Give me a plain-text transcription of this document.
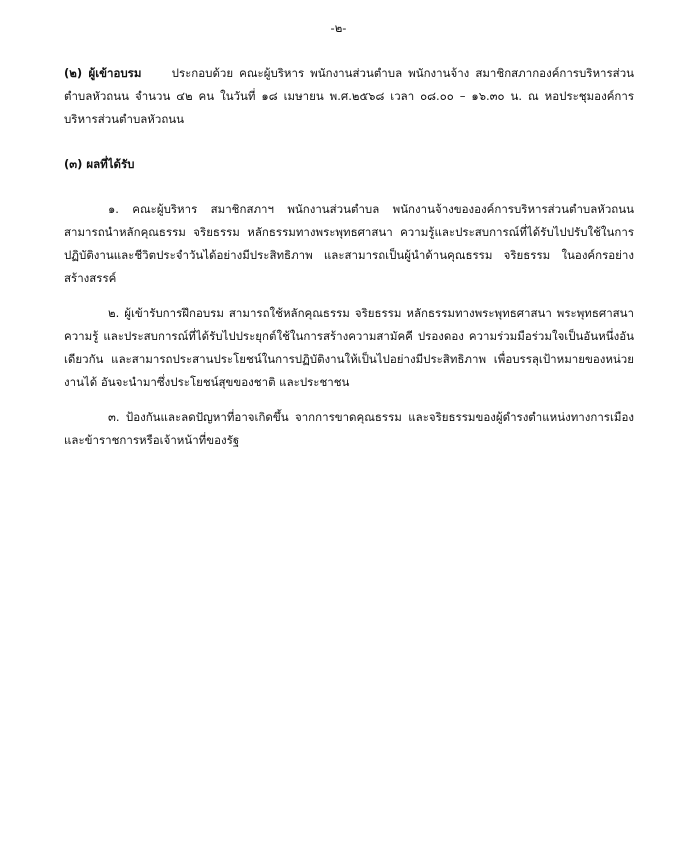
-๒-

(๒) ผู้เข้าอบรม	ประกอบด้วย คณะผู้บริหาร พนักงานส่วนตำบล พนักงานจ้าง สมาชิกสภากองค์การบริหารส่วนตำบลหัวถนน จำนวน ๔๒ คน ในวันที่ ๑๘ เมษายน พ.ศ.๒๕๖๘ เวลา ๐๘.๐๐ – ๑๖.๓๐ น. ณ หอประชุมองค์การบริหารส่วนตำบลหัวถนน

(๓) ผลที่ได้รับ

๑. คณะผู้บริหาร สมาชิกสภาฯ พนักงานส่วนตำบล พนักงานจ้างขององค์การบริหารส่วนตำบลหัวถนน สามารถนำหลักคุณธรรม จริยธรรม หลักธรรมทางพระพุทธศาสนา ความรู้และประสบการณ์ที่ได้รับไปปรับใช้ในการปฏิบัติงานและชีวิตประจำวันได้อย่างมีประสิทธิภาพ และสามารถเป็นผู้นำด้านคุณธรรม จริยธรรม ในองค์กรอย่างสร้างสรรค์

๒. ผู้เข้ารับการฝึกอบรม สามารถใช้หลักคุณธรรม จริยธรรม หลักธรรมทางพระพุทธศาสนา พระพุทธศาสนา ความรู้ และประสบการณ์ที่ได้รับไปประยุกต์ใช้ในการสร้างความสามัคคี ปรองดอง ความร่วมมือร่วมใจเป็นอันหนึ่งอันเดียวกัน และสามารถประสานประโยชน์ในการปฏิบัติงานให้เป็นไปอย่างมีประสิทธิภาพ เพื่อบรรลุเป้าหมายของหน่วยงานได้ อันจะนำมาซึ่งประโยชน์สุขของชาติ และประชาชน

๓. ป้องกันและลดปัญหาที่อาจเกิดขึ้น จากการขาดคุณธรรม และจริยธรรมของผู้ดำรงตำแหน่งทางการเมืองและข้าราชการหรือเจ้าหน้าที่ของรัฐ
